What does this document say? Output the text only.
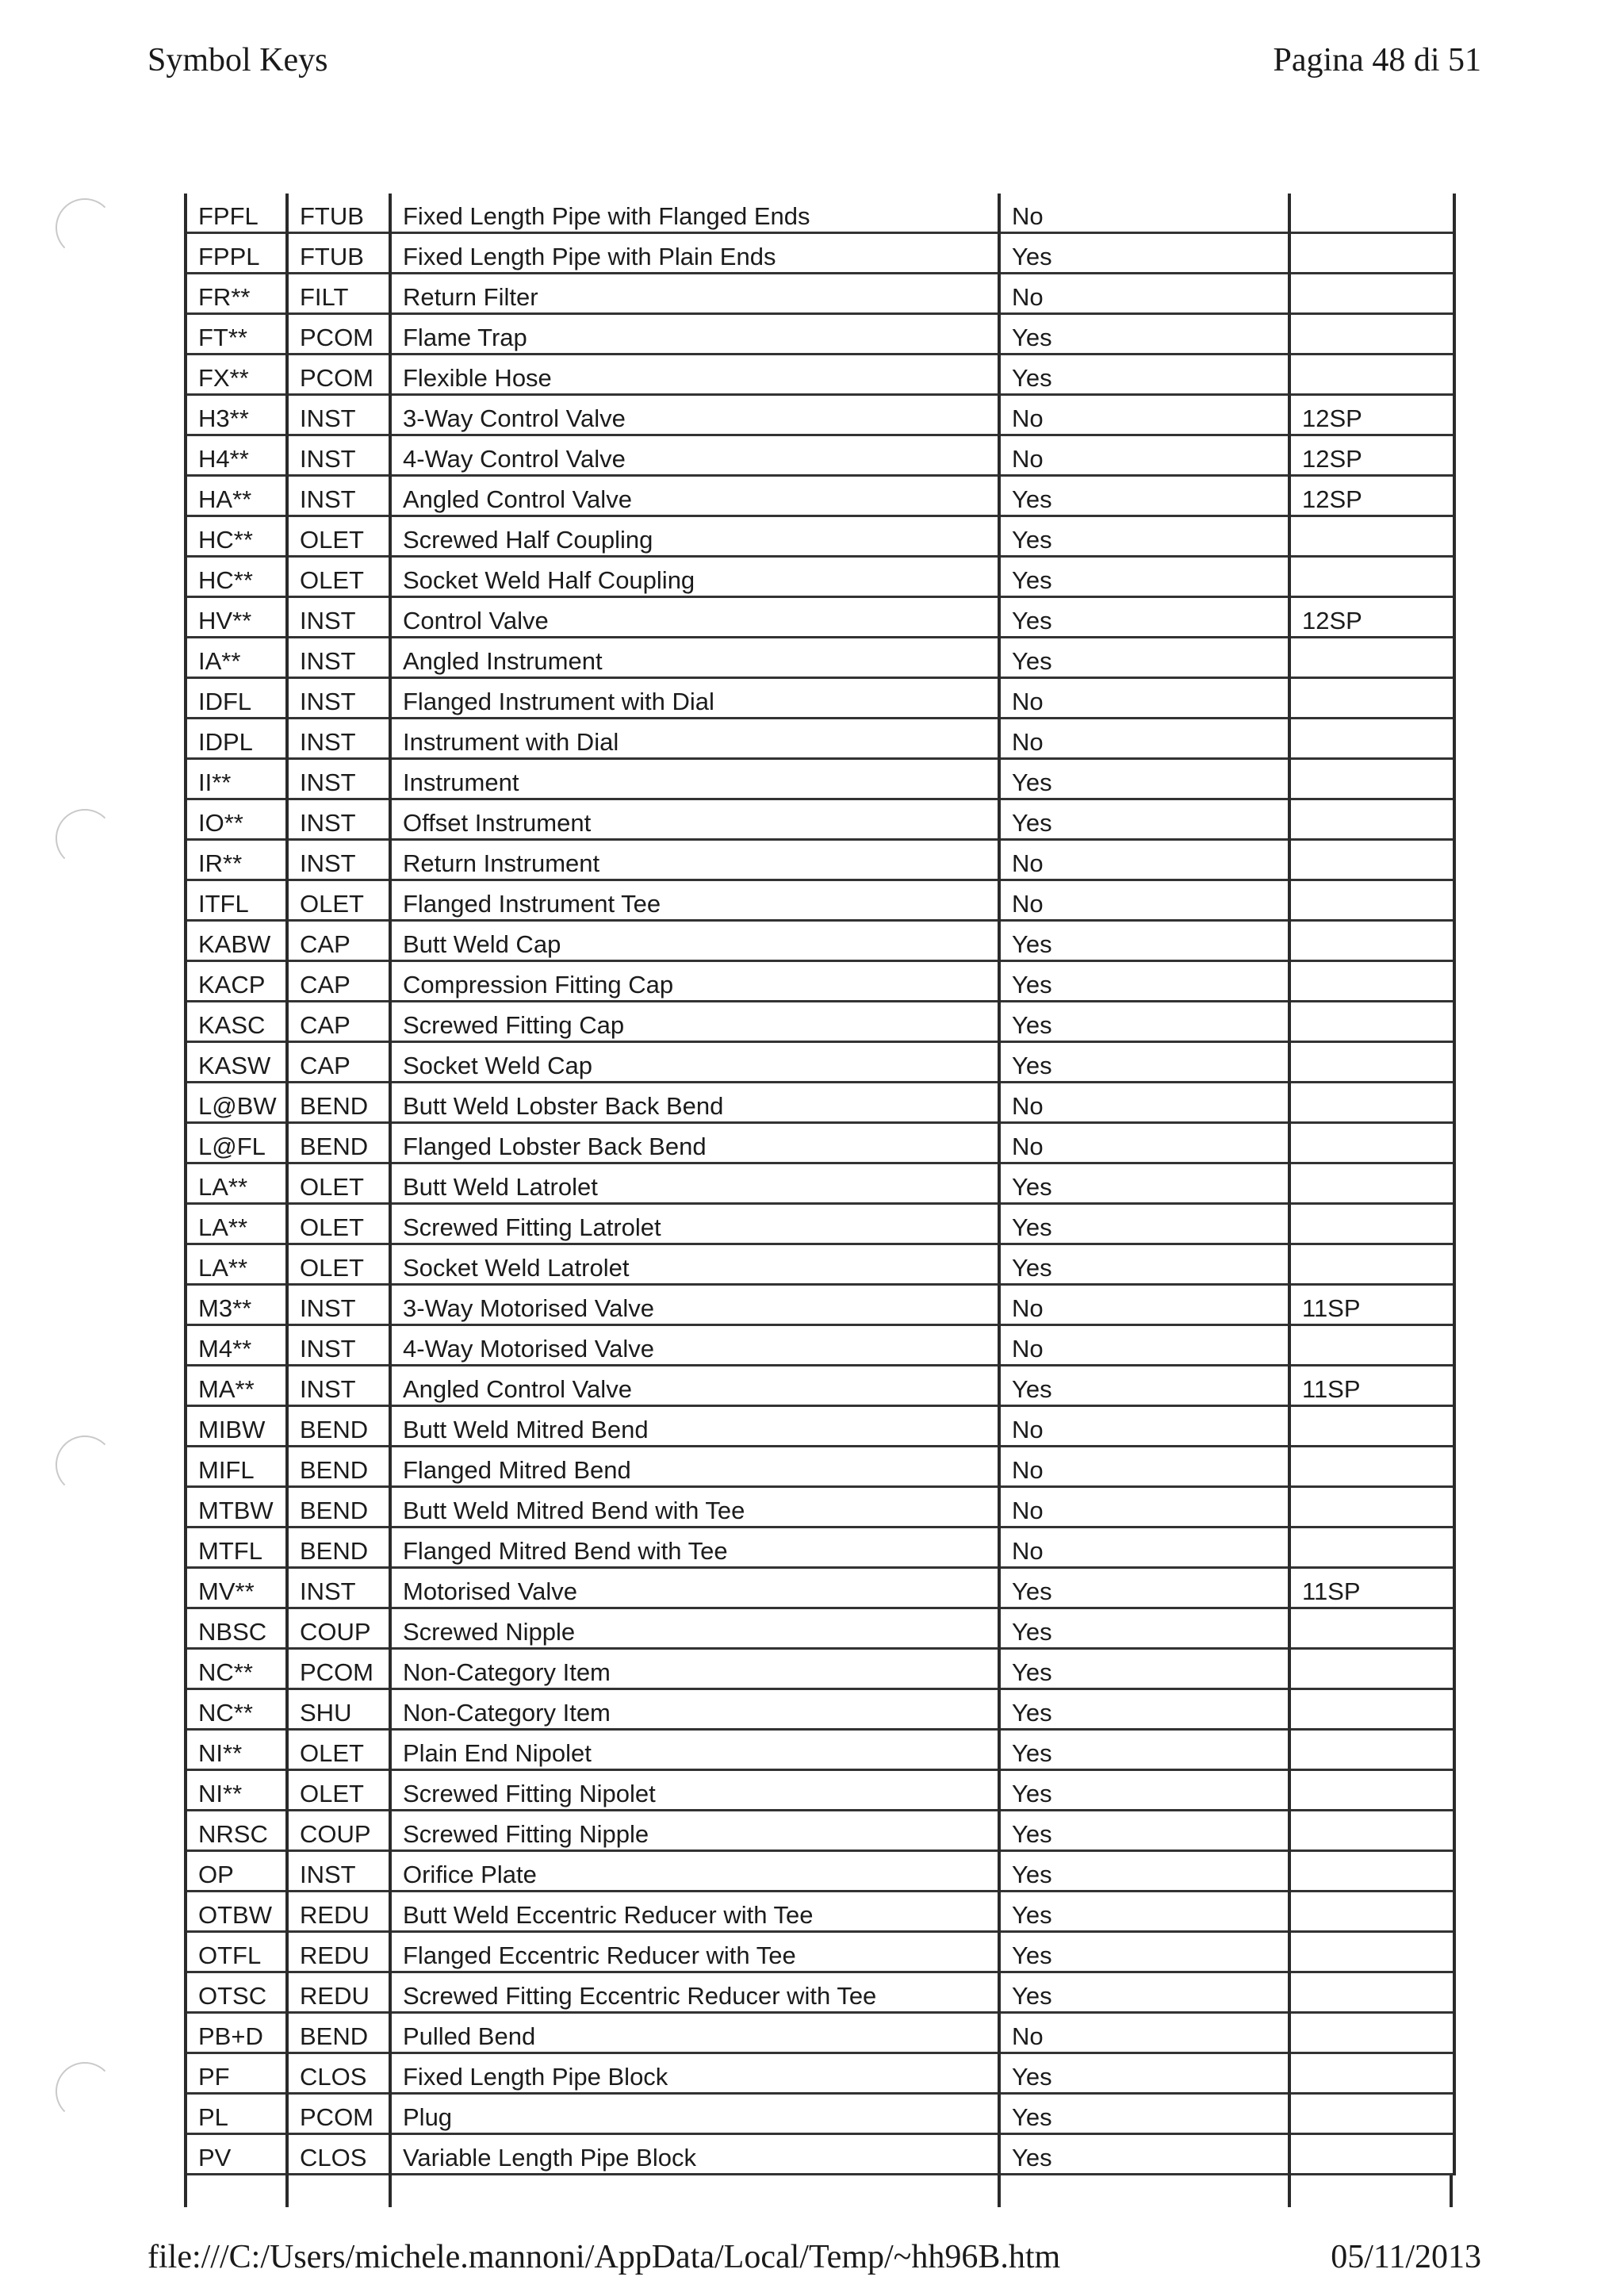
Symbol Keys	Pagina 48 di 51
FPFL	FTUB	Fixed Length Pipe with Flanged Ends	No	
FPPL	FTUB	Fixed Length Pipe with Plain Ends	Yes	
FR**	FILT	Return Filter	No	
FT**	PCOM	Flame Trap	Yes	
FX**	PCOM	Flexible Hose	Yes	
H3**	INST	3-Way Control Valve	No	12SP
H4**	INST	4-Way Control Valve	No	12SP
HA**	INST	Angled Control Valve	Yes	12SP
HC**	OLET	Screwed Half Coupling	Yes	
HC**	OLET	Socket Weld Half Coupling	Yes	
HV**	INST	Control Valve	Yes	12SP
IA**	INST	Angled Instrument	Yes	
IDFL	INST	Flanged Instrument with Dial	No	
IDPL	INST	Instrument with Dial	No	
II**	INST	Instrument	Yes	
IO**	INST	Offset Instrument	Yes	
IR**	INST	Return Instrument	No	
ITFL	OLET	Flanged Instrument Tee	No	
KABW	CAP	Butt Weld Cap	Yes	
KACP	CAP	Compression Fitting Cap	Yes	
KASC	CAP	Screwed Fitting Cap	Yes	
KASW	CAP	Socket Weld Cap	Yes	
L@BW	BEND	Butt Weld Lobster Back Bend	No	
L@FL	BEND	Flanged Lobster Back Bend	No	
LA**	OLET	Butt Weld Latrolet	Yes	
LA**	OLET	Screwed Fitting Latrolet	Yes	
LA**	OLET	Socket Weld Latrolet	Yes	
M3**	INST	3-Way Motorised Valve	No	11SP
M4**	INST	4-Way Motorised Valve	No	
MA**	INST	Angled Control Valve	Yes	11SP
MIBW	BEND	Butt Weld Mitred Bend	No	
MIFL	BEND	Flanged Mitred Bend	No	
MTBW	BEND	Butt Weld Mitred Bend with Tee	No	
MTFL	BEND	Flanged Mitred Bend with Tee	No	
MV**	INST	Motorised Valve	Yes	11SP
NBSC	COUP	Screwed Nipple	Yes	
NC**	PCOM	Non-Category Item	Yes	
NC**	SHU	Non-Category Item	Yes	
NI**	OLET	Plain End Nipolet	Yes	
NI**	OLET	Screwed Fitting Nipolet	Yes	
NRSC	COUP	Screwed Fitting Nipple	Yes	
OP	INST	Orifice Plate	Yes	
OTBW	REDU	Butt Weld Eccentric Reducer with Tee	Yes	
OTFL	REDU	Flanged Eccentric Reducer with Tee	Yes	
OTSC	REDU	Screwed Fitting Eccentric Reducer with Tee	Yes	
PB+D	BEND	Pulled Bend	No	
PF	CLOS	Fixed Length Pipe Block	Yes	
PL	PCOM	Plug	Yes	
PV	CLOS	Variable Length Pipe Block	Yes	
file:///C:/Users/michele.mannoni/AppData/Local/Temp/~hh96B.htm	05/11/2013
